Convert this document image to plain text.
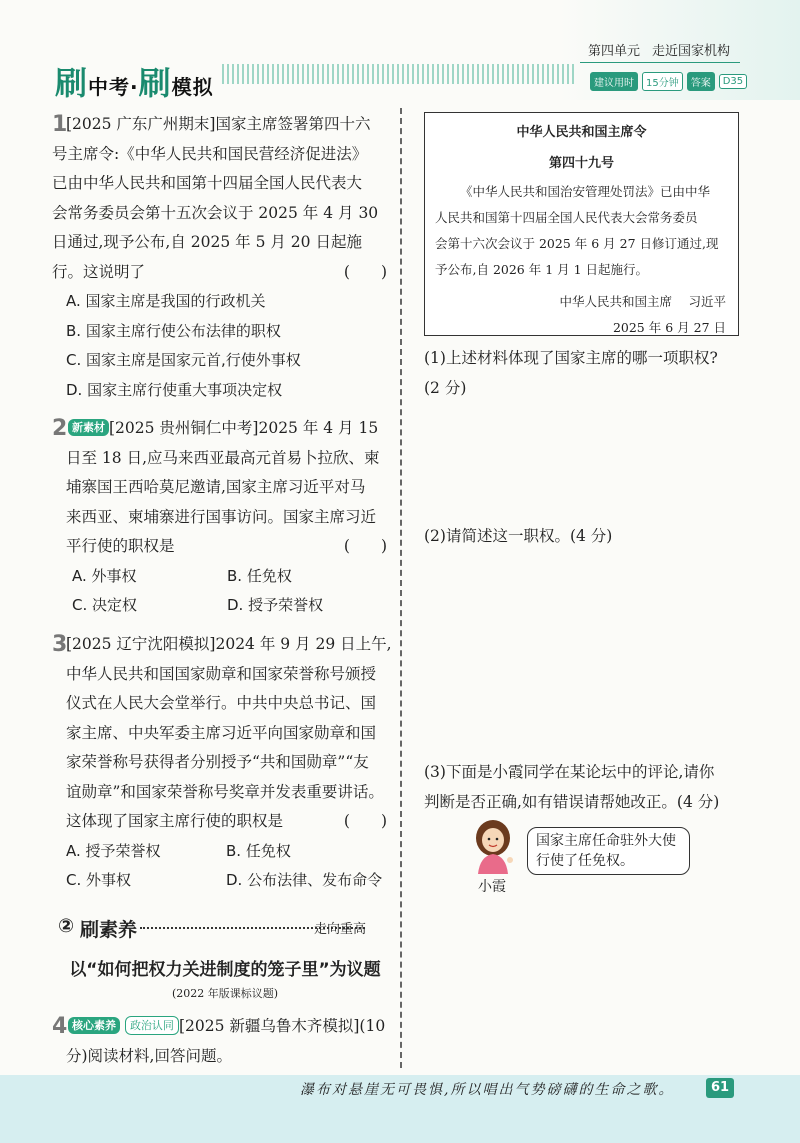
刷中考·刷模拟
第四单元 走近国家机构
建议用时	15分钟	答案	D35
1
[2025 广东广州期末]国家主席签署第四十六
号主席令:《中华人民共和国民营经济促进法》
已由中华人民共和国第十四届全国人民代表大
会常务委员会第十五次会议于 2025 年 4 月 30
日通过,现予公布,自 2025 年 5 月 20 日起施
行。这说明了	(　　)
A. 国家主席是我国的行政机关
B. 国家主席行使公布法律的职权
C. 国家主席是国家元首,行使外事权
D. 国家主席行使重大事项决定权
2 新素材 [2025 贵州铜仁中考]2025 年 4 月 15
日至 18 日,应马来西亚最高元首易卜拉欣、柬
埔寨国王西哈莫尼邀请,国家主席习近平对马
来西亚、柬埔寨进行国事访问。国家主席习近
平行使的职权是	(　　)
A. 外事权	B. 任免权
C. 决定权	D. 授予荣誉权
3
[2025 辽宁沈阳模拟]2024 年 9 月 29 日上午,
中华人民共和国国家勋章和国家荣誉称号颁授
仪式在人民大会堂举行。中共中央总书记、国
家主席、中央军委主席习近平向国家勋章和国
家荣誉称号获得者分别授予“共和国勋章”“友
谊勋章”和国家荣誉称号奖章并发表重要讲话。
这体现了国家主席行使的职权是	(　　)
A. 授予荣誉权	B. 任免权
C. 外事权	D. 公布法律、发布命令
② 刷素养	走向重高
以“如何把权力关进制度的笼子里”为议题
(2022 年版课标议题)
4 核心素养 政治认同 [2025 新疆乌鲁木齐模拟](10
分)阅读材料,回答问题。

中华人民共和国主席令

第四十九号

《中华人民共和国治安管理处罚法》已由中华
人民共和国第十四届全国人民代表大会常务委员
会第十六次会议于 2025 年 6 月 27 日修订通过,现
予公布,自 2026 年 1 月 1 日起施行。
中华人民共和国主席　 习近平
2025 年 6 月 27 日
(1)上述材料体现了国家主席的哪一项职权?
(2 分)
(2)请简述这一职权。(4 分)
(3)下面是小霞同学在某论坛中的评论,请你
判断是否正确,如有错误请帮她改正。(4 分)
小霞
国家主席任命驻外大使
行使了任免权。
瀑布对悬崖无可畏惧,所以唱出气势磅礴的生命之歌。	61
